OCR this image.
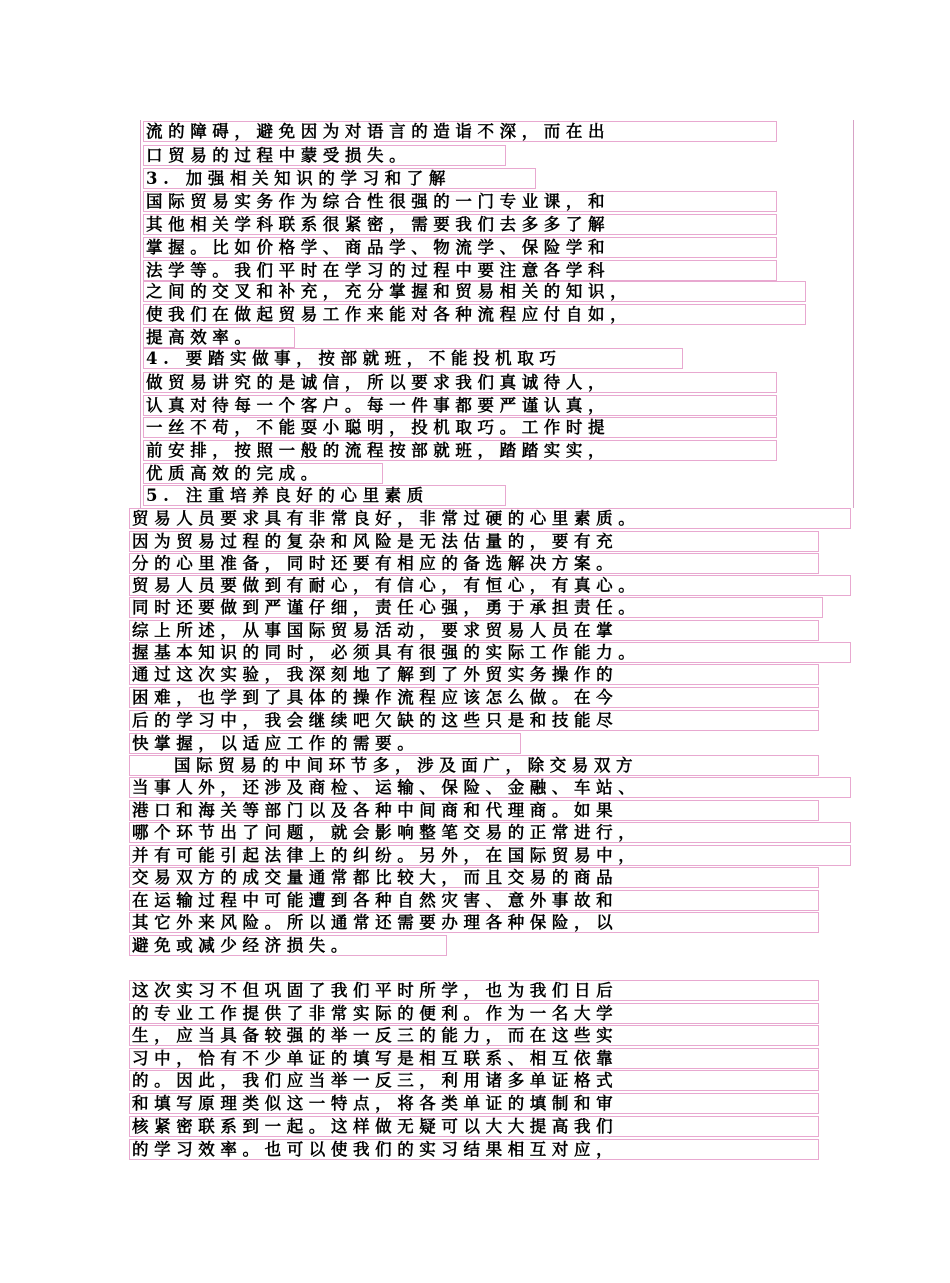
流的障碍，避免因为对语言的造诣不深，而在出
口贸易的过程中蒙受损失。
3. 加强相关知识的学习和了解
国际贸易实务作为综合性很强的一门专业课，和
其他相关学科联系很紧密，需要我们去多多了解
掌握。比如价格学、商品学、物流学、保险学和
法学等。我们平时在学习的过程中要注意各学科
之间的交叉和补充，充分掌握和贸易相关的知识，
使我们在做起贸易工作来能对各种流程应付自如，
提高效率。
4. 要踏实做事，按部就班，不能投机取巧
做贸易讲究的是诚信，所以要求我们真诚待人，
认真对待每一个客户。每一件事都要严谨认真，
一丝不苟，不能耍小聪明，投机取巧。工作时提
前安排，按照一般的流程按部就班，踏踏实实，
优质高效的完成。
5. 注重培养良好的心里素质
贸易人员要求具有非常良好，非常过硬的心里素质。
因为贸易过程的复杂和风险是无法估量的，要有充
分的心里准备，同时还要有相应的备选解决方案。
贸易人员要做到有耐心，有信心，有恒心，有真心。
同时还要做到严谨仔细，责任心强，勇于承担责任。
综上所述，从事国际贸易活动，要求贸易人员在掌
握基本知识的同时，必须具有很强的实际工作能力。
通过这次实验，我深刻地了解到了外贸实务操作的
困难，也学到了具体的操作流程应该怎么做。在今
后的学习中，我会继续吧欠缺的这些只是和技能尽
快掌握，以适应工作的需要。
国际贸易的中间环节多，涉及面广，除交易双方
当事人外，还涉及商检、运输、保险、金融、车站、
港口和海关等部门以及各种中间商和代理商。如果
哪个环节出了问题，就会影响整笔交易的正常进行，
并有可能引起法律上的纠纷。另外，在国际贸易中，
交易双方的成交量通常都比较大，而且交易的商品
在运输过程中可能遭到各种自然灾害、意外事故和
其它外来风险。所以通常还需要办理各种保险，以
避免或减少经济损失。
这次实习不但巩固了我们平时所学，也为我们日后
的专业工作提供了非常实际的便利。作为一名大学
生，应当具备较强的举一反三的能力，而在这些实
习中，恰有不少单证的填写是相互联系、相互依靠
的。因此，我们应当举一反三，利用诸多单证格式
和填写原理类似这一特点，将各类单证的填制和审
核紧密联系到一起。这样做无疑可以大大提高我们
的学习效率。也可以使我们的实习结果相互对应，
